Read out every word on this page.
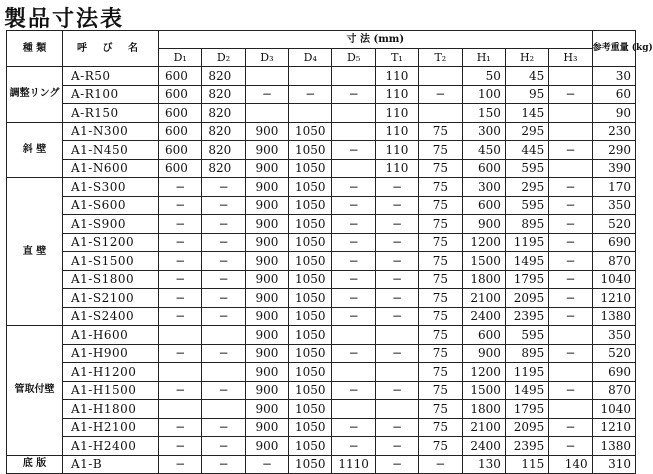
製品寸法表
種 類	呼 び 名	寸 法 (mm)										参考重量 (kg)
		D₁	D₂	D₃	D₄	D₅	T₁	T₂	H₁	H₂	H₃	
調整リング	A-R50	600	820				110		50	45		30
	A-R100	600	820	−	−	−	110	−	100	95	−	60
	A-R150	600	820				110		150	145		90
斜 壁	A1-N300	600	820	900	1050		110	75	300	295		230
	A1-N450	600	820	900	1050	−	110	75	450	445	−	290
	A1-N600	600	820	900	1050		110	75	600	595		390
直 壁	A1-S300	−	−	900	1050	−	−	75	300	295	−	170
	A1-S600	−	−	900	1050	−	−	75	600	595	−	350
	A1-S900	−	−	900	1050	−	−	75	900	895	−	520
	A1-S1200	−	−	900	1050	−	−	75	1200	1195	−	690
	A1-S1500	−	−	900	1050	−	−	75	1500	1495	−	870
	A1-S1800	−	−	900	1050	−	−	75	1800	1795	−	1040
	A1-S2100	−	−	900	1050	−	−	75	2100	2095	−	1210
	A1-S2400	−	−	900	1050	−	−	75	2400	2395	−	1380
管取付壁	A1-H600			900	1050			75	600	595		350
	A1-H900	−	−	900	1050	−	−	75	900	895	−	520
	A1-H1200			900	1050			75	1200	1195		690
	A1-H1500	−	−	900	1050	−	−	75	1500	1495	−	870
	A1-H1800			900	1050			75	1800	1795		1040
	A1-H2100	−	−	900	1050	−	−	75	2100	2095	−	1210
	A1-H2400	−	−	900	1050	−	−	75	2400	2395	−	1380
底 版	A1-B	−	−	−	1050	1110	−	−	130	115	140	310
